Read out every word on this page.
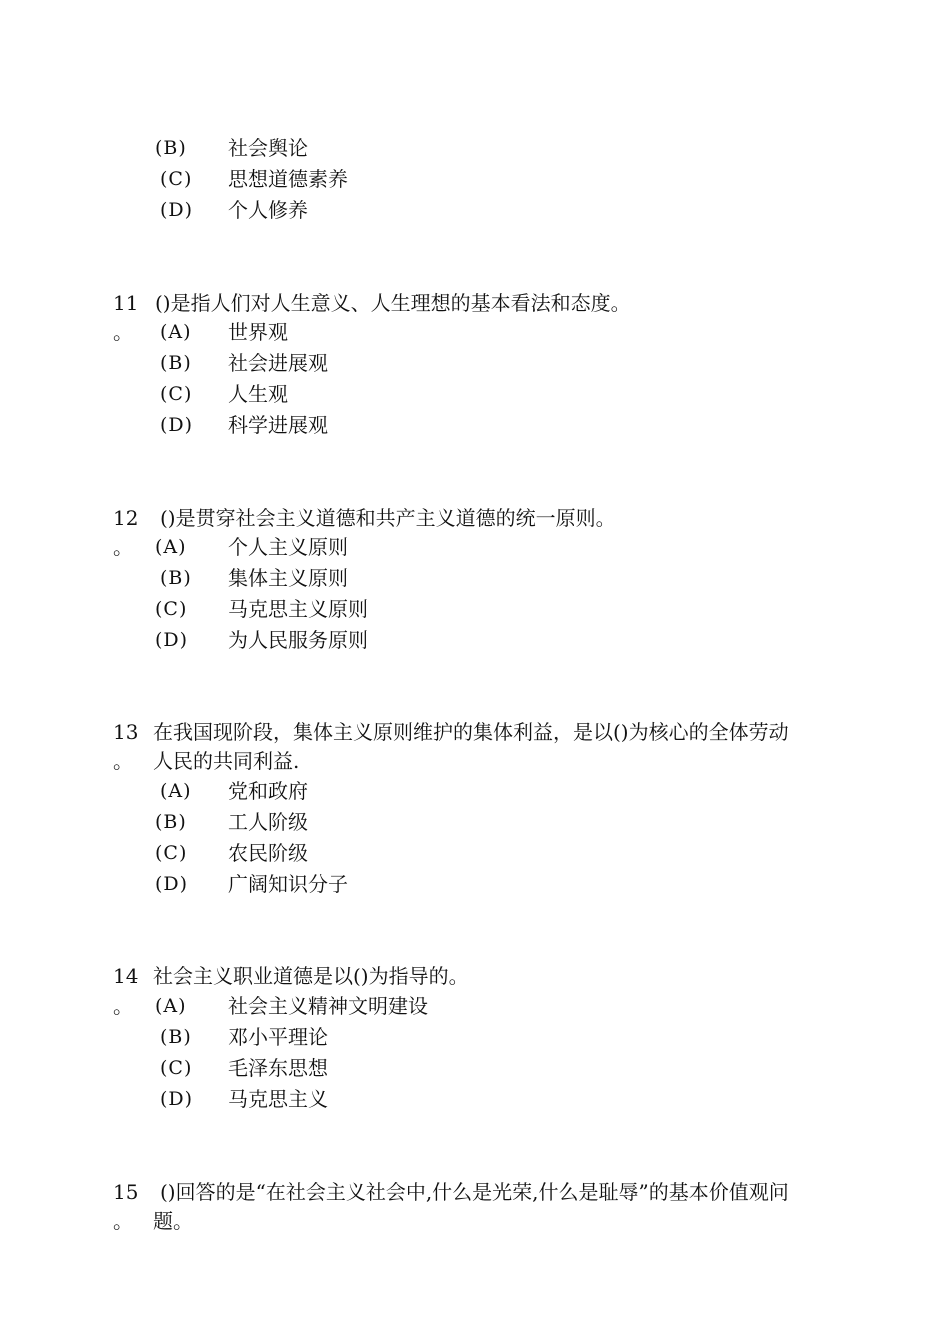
(B) 社会舆论
(C) 思想道德素养
(D) 个人修养
11 ()是指人们对人生意义、人生理想的基本看法和态度。
。 (A) 世界观
(B) 社会进展观
(C) 人生观
(D) 科学进展观
12 ()是贯穿社会主义道德和共产主义道德的统一原则。
。 (A) 个人主义原则
(B) 集体主义原则
(C) 马克思主义原则
(D) 为人民服务原则
13 在我国现阶段，集体主义原则维护的集体利益，是以()为核心的全体劳动
。 人民的共同利益.
(A) 党和政府
(B) 工人阶级
(C) 农民阶级
(D) 广阔知识分子
14 社会主义职业道德是以()为指导的。
。 (A) 社会主义精神文明建设
(B) 邓小平理论
(C) 毛泽东思想
(D) 马克思主义
15 ()回答的是“在社会主义社会中,什么是光荣,什么是耻辱”的基本价值观问
。 题。
